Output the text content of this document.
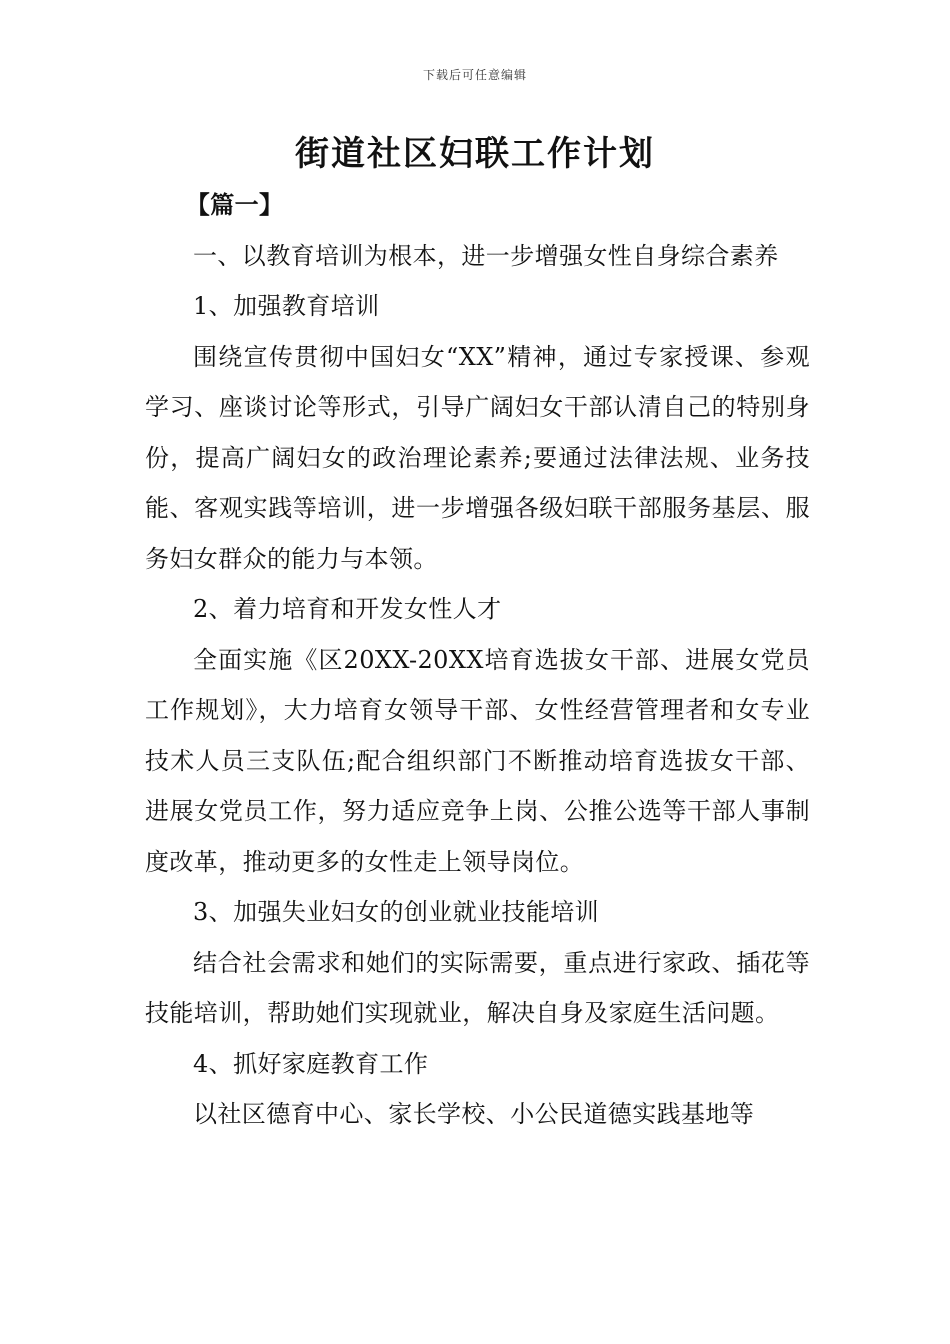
下载后可任意编辑
街道社区妇联工作计划

【篇一】

一、以教育培训为根本，进一步增强女性自身综合素养

1、加强教育培训

围绕宣传贯彻中国妇女“XX”精神，通过专家授课、参观学习、座谈讨论等形式，引导广阔妇女干部认清自己的特别身份，提高广阔妇女的政治理论素养;要通过法律法规、业务技能、客观实践等培训，进一步增强各级妇联干部服务基层、服务妇女群众的能力与本领。

2、着力培育和开发女性人才

全面实施《区20XX-20XX培育选拔女干部、进展女党员工作规划》，大力培育女领导干部、女性经营管理者和女专业技术人员三支队伍;配合组织部门不断推动培育选拔女干部、进展女党员工作，努力适应竞争上岗、公推公选等干部人事制度改革，推动更多的女性走上领导岗位。

3、加强失业妇女的创业就业技能培训

结合社会需求和她们的实际需要，重点进行家政、插花等技能培训，帮助她们实现就业，解决自身及家庭生活问题。

4、抓好家庭教育工作

以社区德育中心、家长学校、小公民道德实践基地等
